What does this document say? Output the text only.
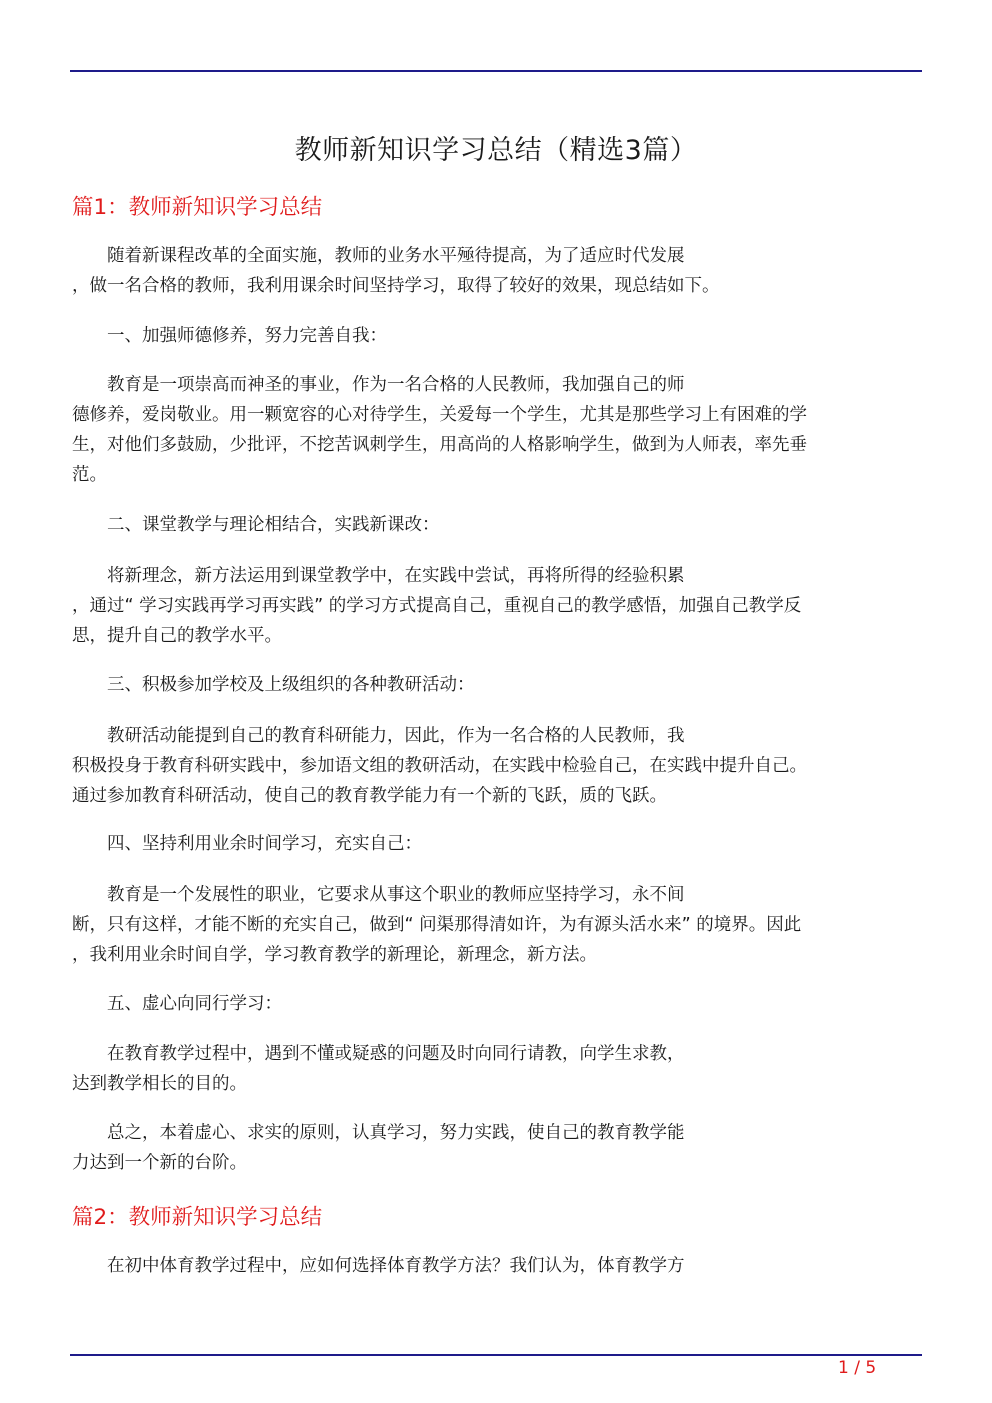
教师新知识学习总结（精选3篇）
篇1：教师新知识学习总结
　　随着新课程改革的全面实施，教师的业务水平殛待提高，为了适应时代发展
，做一名合格的教师，我利用课余时间坚持学习，取得了较好的效果，现总结如下。
　　一、加强师德修养，努力完善自我：
　　教育是一项崇高而神圣的事业，作为一名合格的人民教师，我加强自己的师
德修养，爱岗敬业。用一颗宽容的心对待学生，关爱每一个学生，尤其是那些学习上有困难的学
生，对他们多鼓励，少批评，不挖苦讽刺学生，用高尚的人格影响学生，做到为人师表，率先垂
范。
　　二、课堂教学与理论相结合，实践新课改：
　　将新理念，新方法运用到课堂教学中，在实践中尝试，再将所得的经验积累
，通过“ 学习实践再学习再实践” 的学习方式提高自己，重视自己的教学感悟，加强自己教学反
思，提升自己的教学水平。
　　三、积极参加学校及上级组织的各种教研活动：
　　教研活动能提到自己的教育科研能力，因此，作为一名合格的人民教师，我
积极投身于教育科研实践中，参加语文组的教研活动，在实践中检验自己，在实践中提升自己。
通过参加教育科研活动，使自己的教育教学能力有一个新的飞跃，质的飞跃。
　　四、坚持利用业余时间学习，充实自己：
　　教育是一个发展性的职业，它要求从事这个职业的教师应坚持学习，永不间
断，只有这样，才能不断的充实自己，做到“ 问渠那得清如许，为有源头活水来” 的境界。因此
，我利用业余时间自学，学习教育教学的新理论，新理念，新方法。
　　五、虚心向同行学习：
　　在教育教学过程中，遇到不懂或疑惑的问题及时向同行请教，向学生求教，
达到教学相长的目的。
　　总之，本着虚心、求实的原则，认真学习，努力实践，使自己的教育教学能
力达到一个新的台阶。
篇2：教师新知识学习总结
　　在初中体育教学过程中，应如何选择体育教学方法？我们认为，体育教学方
1 / 5
